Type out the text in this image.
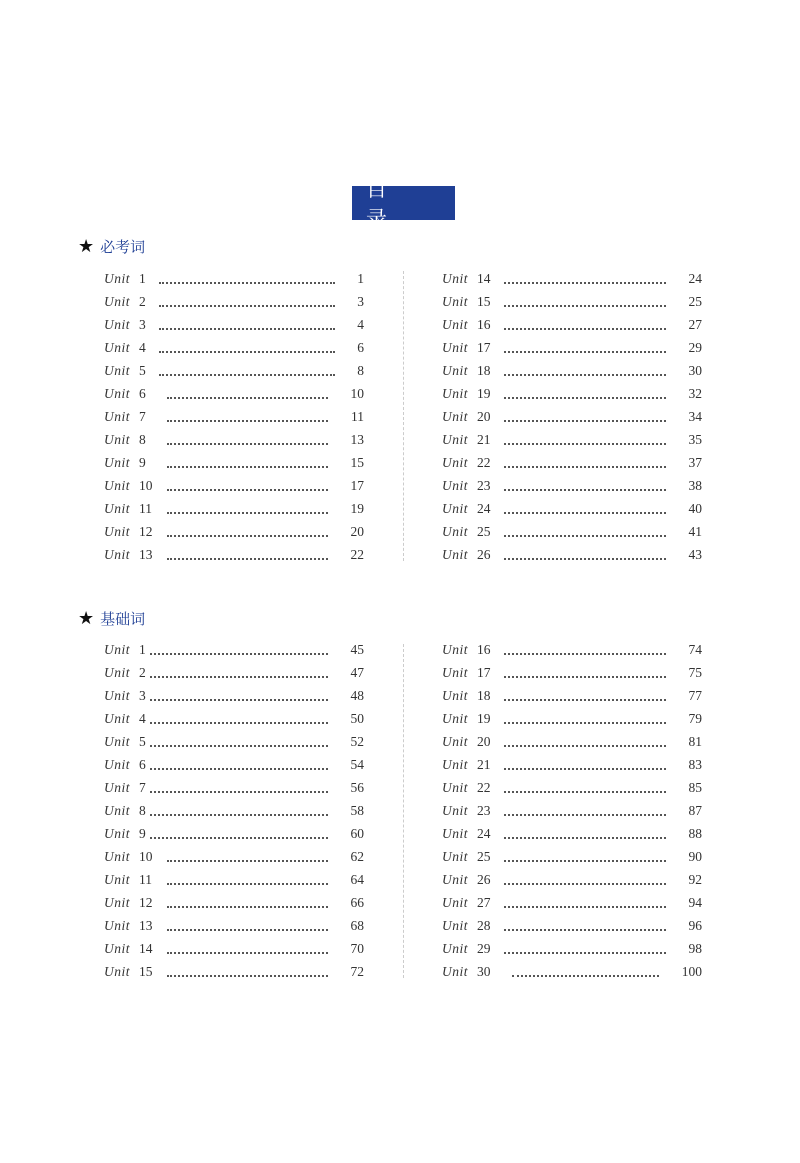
目 录
★ 必考词
★ 基础词
Unit 1	1
Unit 2	3
Unit 3	4
Unit 4	6
Unit 5	8
Unit 6	10
Unit 7	11
Unit 8	13
Unit 9	15
Unit 10	17
Unit 11	19
Unit 12	20
Unit 13	22
Unit 14	24
Unit 15	25
Unit 16	27
Unit 17	29
Unit 18	30
Unit 19	32
Unit 20	34
Unit 21	35
Unit 22	37
Unit 23	38
Unit 24	40
Unit 25	41
Unit 26	43
Unit 1	45
Unit 2	47
Unit 3	48
Unit 4	50
Unit 5	52
Unit 6	54
Unit 7	56
Unit 8	58
Unit 9	60
Unit 10	62
Unit 11	64
Unit 12	66
Unit 13	68
Unit 14	70
Unit 15	72
Unit 16	74
Unit 17	75
Unit 18	77
Unit 19	79
Unit 20	81
Unit 21	83
Unit 22	85
Unit 23	87
Unit 24	88
Unit 25	90
Unit 26	92
Unit 27	94
Unit 28	96
Unit 29	98
Unit 30	100
